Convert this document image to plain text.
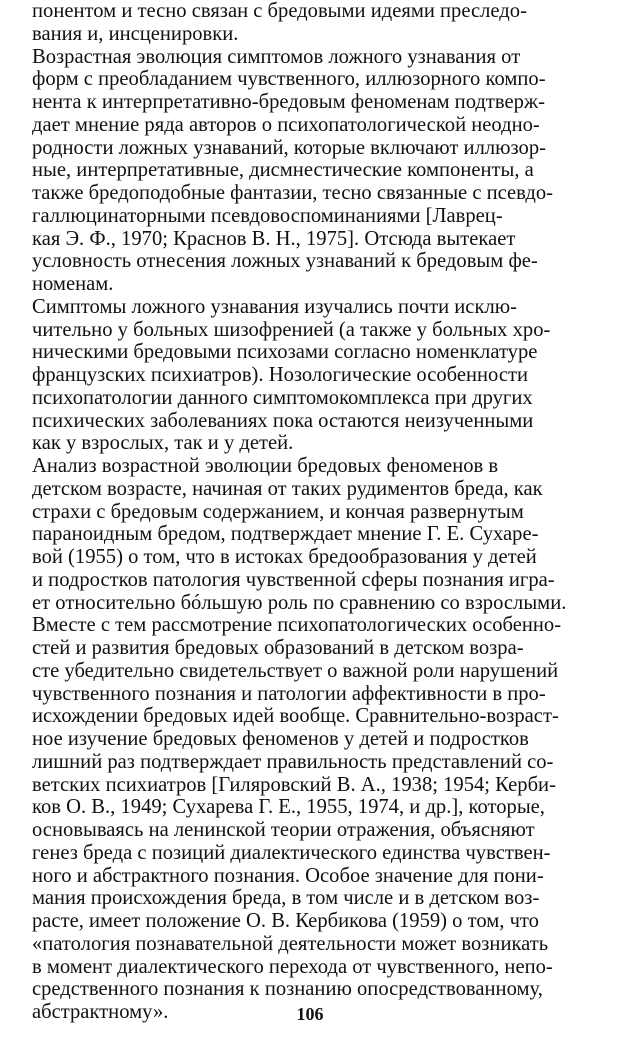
понентом и тесно связан с бредовыми идеями преследо-
вания и, инсценировки.
Возрастная эволюция симптомов ложного узнавания от
форм с преобладанием чувственного, иллюзорного компо-
нента к интерпретативно-бредовым феноменам подтверж-
дает мнение ряда авторов о психопатологической неодно-
родности ложных узнаваний, которые включают иллюзор-
ные, интерпретативные, дисмнестические компоненты, а
также бредоподобные фантазии, тесно связанные с псевдо-
галлюцинаторными псевдовоспоминаниями [Лаврец-
кая Э. Ф., 1970; Краснов В. Н., 1975]. Отсюда вытекает
условность отнесения ложных узнаваний к бредовым фе-
номенам.
Симптомы ложного узнавания изучались почти исклю-
чительно у больных шизофренией (а также у больных хро-
ническими бредовыми психозами согласно номенклатуре
французских психиатров). Нозологические особенности
психопатологии данного симптомокомплекса при других
психических заболеваниях пока остаются неизученными
как у взрослых, так и у детей.
Анализ возрастной эволюции бредовых феноменов в
детском возрасте, начиная от таких рудиментов бреда, как
страхи с бредовым содержанием, и кончая развернутым
параноидным бредом, подтверждает мнение Г. Е. Сухаре-
вой (1955) о том, что в истоках бредообразования у детей
и подростков патология чувственной сферы познания игра-
ет относительно бóльшую роль по сравнению со взрослыми.
Вместе с тем рассмотрение психопатологических особенно-
стей и развития бредовых образований в детском возра-
сте убедительно свидетельствует о важной роли нарушений
чувственного познания и патологии аффективности в про-
исхождении бредовых идей вообще. Сравнительно-возраст-
ное изучение бредовых феноменов у детей и подростков
лишний раз подтверждает правильность представлений со-
ветских психиатров [Гиляровский В. А., 1938; 1954; Керби-
ков О. В., 1949; Сухарева Г. Е., 1955, 1974, и др.], которые,
основываясь на ленинской теории отражения, объясняют
генез бреда с позиций диалектического единства чувствен-
ного и абстрактного познания. Особое значение для пони-
мания происхождения бреда, в том числе и в детском воз-
расте, имеет положение О. В. Кербикова (1959) о том, что
«патология познавательной деятельности может возникать
в момент диалектического перехода от чувственного, непо-
средственного познания к познанию опосредствованному,
абстрактному».	106
